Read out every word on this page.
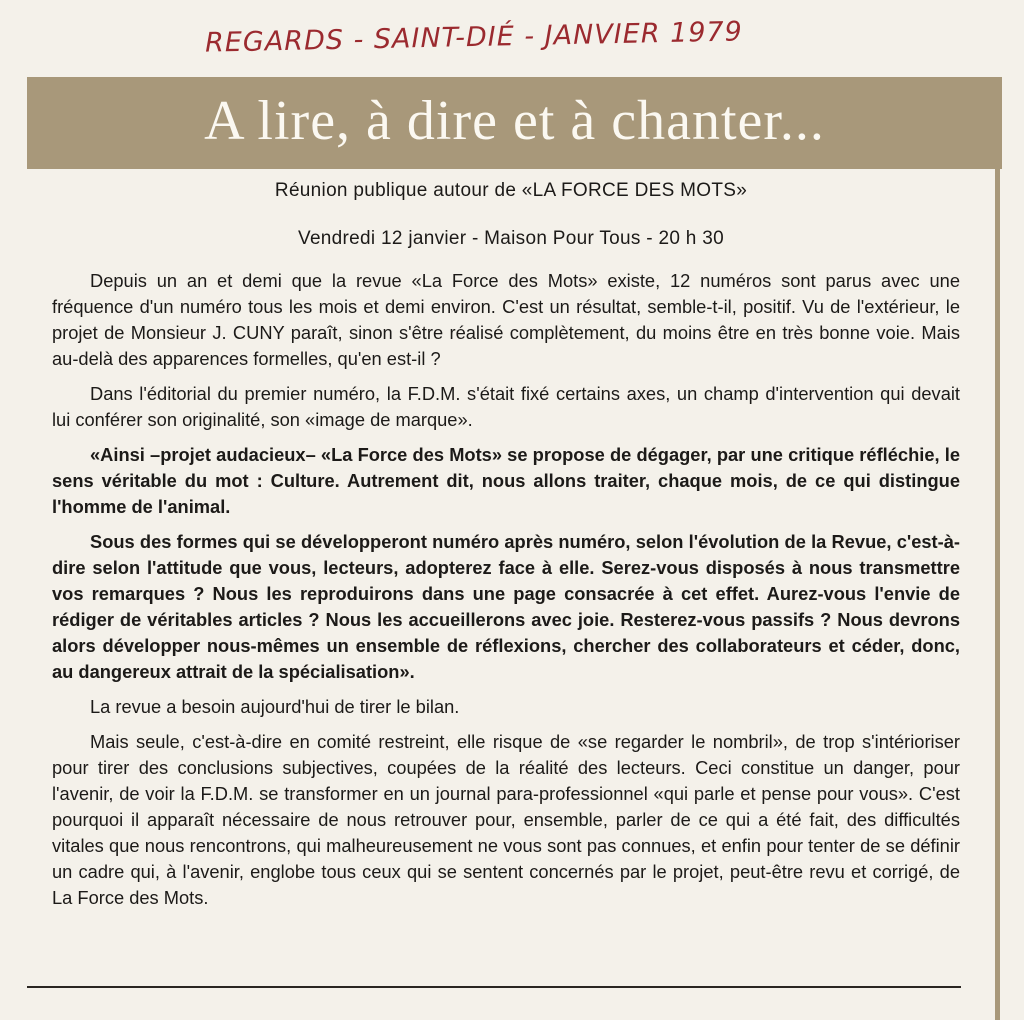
REGARDS - SAINT-DIÉ - JANVIER 1979
A lire, à dire et à chanter...
Réunion publique autour de «LA FORCE DES MOTS»
Vendredi 12 janvier - Maison Pour Tous - 20 h 30

Depuis un an et demi que la revue «La Force des Mots» existe, 12 numéros sont parus avec une fréquence d'un numéro tous les mois et demi environ. C'est un résultat, semble-t-il, positif. Vu de l'extérieur, le projet de Monsieur J. CUNY paraît, sinon s'être réalisé complètement, du moins être en très bonne voie. Mais au-delà des apparences formelles, qu'en est-il ?

Dans l'éditorial du premier numéro, la F.D.M. s'était fixé certains axes, un champ d'intervention qui devait lui conférer son originalité, son «image de marque».

«Ainsi –projet audacieux– «La Force des Mots» se propose de dégager, par une critique réfléchie, le sens véritable du mot : Culture. Autrement dit, nous allons traiter, chaque mois, de ce qui distingue l'homme de l'animal.

Sous des formes qui se développeront numéro après numéro, selon l'évolution de la Revue, c'est-à-dire selon l'attitude que vous, lecteurs, adopterez face à elle. Serez-vous disposés à nous transmettre vos remarques ? Nous les reproduirons dans une page consacrée à cet effet. Aurez-vous l'envie de rédiger de véritables articles ? Nous les accueillerons avec joie. Resterez-vous passifs ? Nous devrons alors développer nous-mêmes un ensemble de réflexions, chercher des collaborateurs et céder, donc, au dangereux attrait de la spécialisation».

La revue a besoin aujourd'hui de tirer le bilan.

Mais seule, c'est-à-dire en comité restreint, elle risque de «se regarder le nombril», de trop s'intérioriser pour tirer des conclusions subjectives, coupées de la réalité des lecteurs. Ceci constitue un danger, pour l'avenir, de voir la F.D.M. se transformer en un journal para-professionnel «qui parle et pense pour vous». C'est pourquoi il apparaît nécessaire de nous retrouver pour, ensemble, parler de ce qui a été fait, des difficultés vitales que nous rencontrons, qui malheureusement ne vous sont pas connues, et enfin pour tenter de se définir un cadre qui, à l'avenir, englobe tous ceux qui se sentent concernés par le projet, peut-être revu et corrigé, de La Force des Mots.
